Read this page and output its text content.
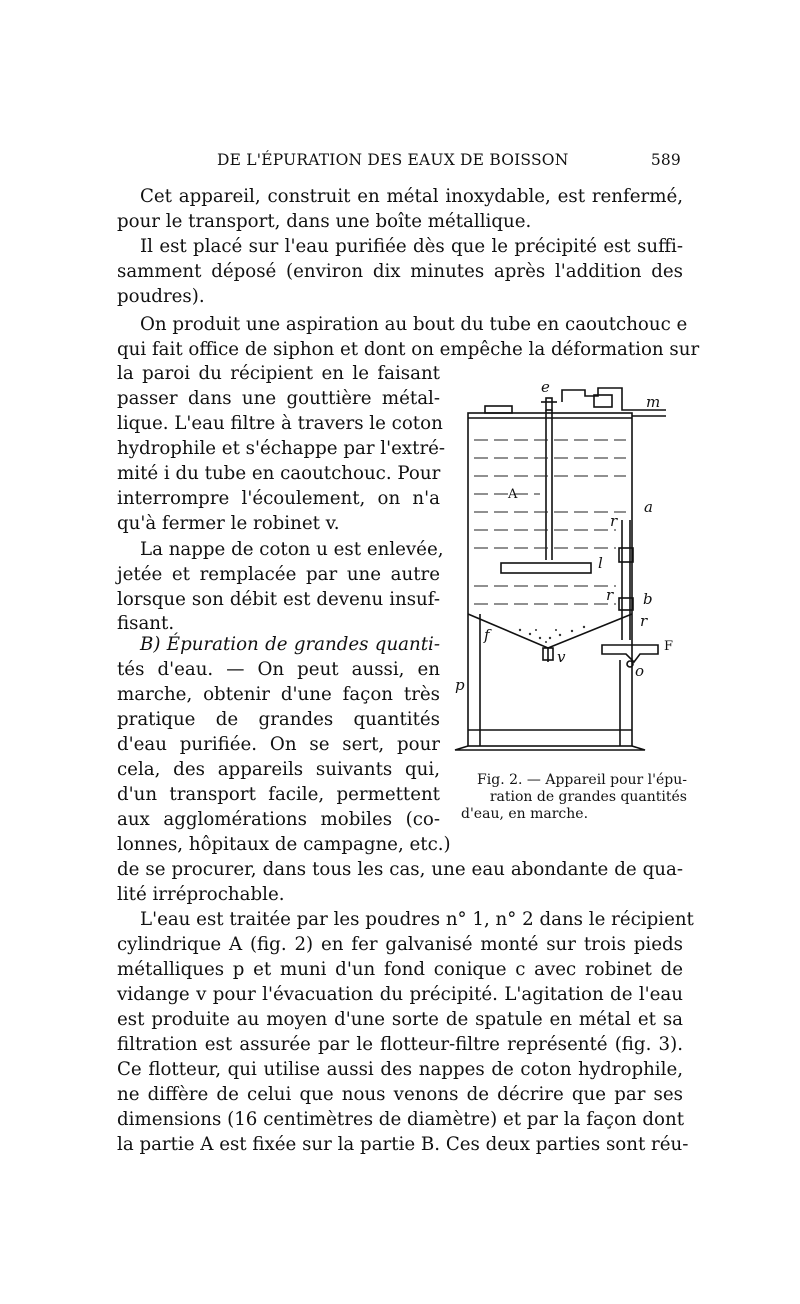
DE L'ÉPURATION DES EAUX DE BOISSON	589
Cet appareil, construit en métal inoxydable, est renfermé,
pour le transport, dans une boîte métallique.
Il est placé sur l'eau purifiée dès que le précipité est suffi-
samment déposé (environ dix minutes après l'addition des
poudres).
On produit une aspiration au bout du tube en caoutchouc e
qui fait office de siphon et dont on empêche la déformation sur
la paroi du récipient en le faisant
passer dans une gouttière métal-
lique. L'eau filtre à travers le coton
hydrophile et s'échappe par l'extré-
mité i du tube en caoutchouc. Pour
interrompre l'écoulement, on n'a
qu'à fermer le robinet v.
La nappe de coton u est enlevée,
jetée et remplacée par une autre
lorsque son débit est devenu insuf-
fisant.
B) Épuration de grandes quanti-
tés d'eau. — On peut aussi, en
marche, obtenir d'une façon très
pratique de grandes quantités
d'eau purifiée. On se sert, pour
cela, des appareils suivants qui,
d'un transport facile, permettent
aux agglomérations mobiles (co-
lonnes, hôpitaux de campagne, etc.)
de se procurer, dans tous les cas, une eau abondante de qua-
lité irréprochable.
L'eau est traitée par les poudres n° 1, n° 2 dans le récipient
cylindrique A (fig. 2) en fer galvanisé monté sur trois pieds
métalliques p et muni d'un fond conique c avec robinet de
vidange v pour l'évacuation du précipité. L'agitation de l'eau
est produite au moyen d'une sorte de spatule en métal et sa
filtration est assurée par le flotteur-filtre représenté (fig. 3).
Ce flotteur, qui utilise aussi des nappes de coton hydrophile,
ne diffère de celui que nous venons de décrire que par ses
dimensions (16 centimètres de diamètre) et par la façon dont
la partie A est fixée sur la partie B. Ces deux parties sont réu-
e
m
A
a
r
l
r b
r
F
f
v
o
p
Fig. 2. — Appareil pour l'épu-
ration de grandes quantités
d'eau, en marche.
